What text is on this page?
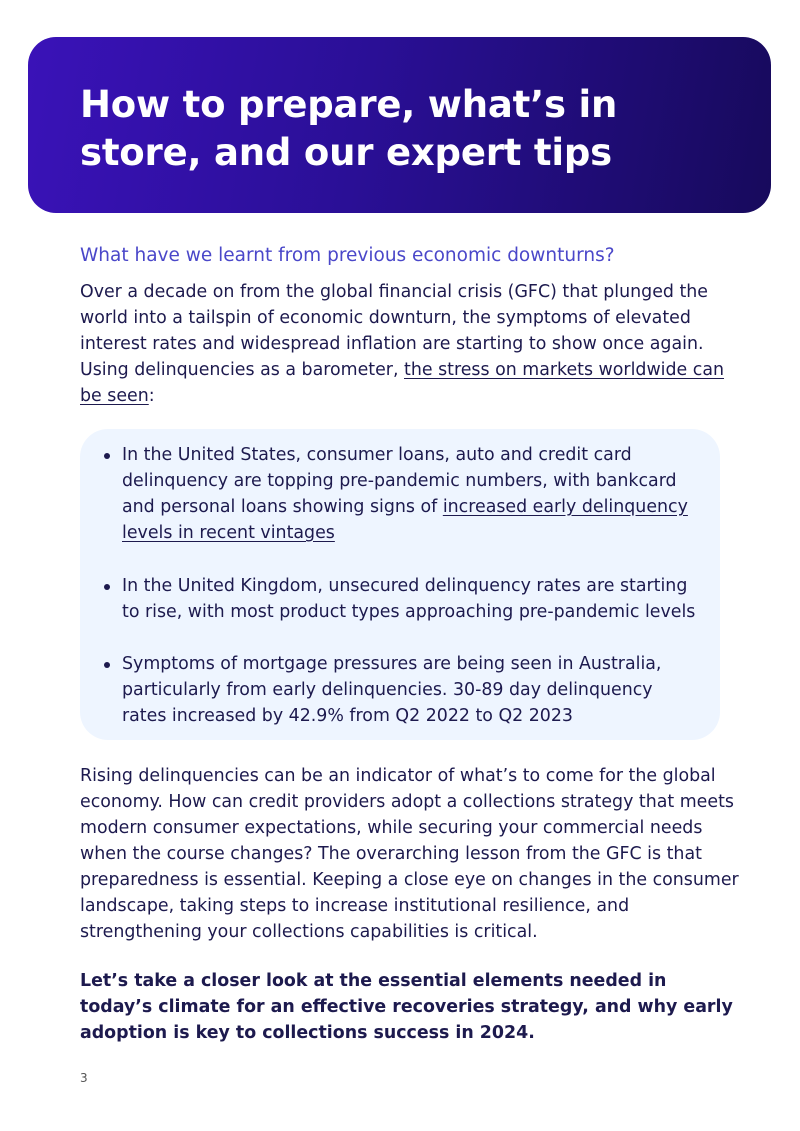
How to prepare, what’s in
store, and our expert tips
What have we learnt from previous economic downturns?

Over a decade on from the global financial crisis (GFC) that plunged the world into a tailspin of economic downturn, the symptoms of elevated interest rates and widespread inflation are starting to show once again. Using delinquencies as a barometer, the stress on markets worldwide can be seen:

In the United States, consumer loans, auto and credit card delinquency are topping pre-pandemic numbers, with bankcard and personal loans showing signs of increased early delinquency levels in recent vintages
In the United Kingdom, unsecured delinquency rates are starting to rise, with most product types approaching pre-pandemic levels
Symptoms of mortgage pressures are being seen in Australia, particularly from early delinquencies. 30-89 day delinquency rates increased by 42.9% from Q2 2022 to Q2 2023

Rising delinquencies can be an indicator of what’s to come for the global economy. How can credit providers adopt a collections strategy that meets modern consumer expectations, while securing your commercial needs when the course changes? The overarching lesson from the GFC is that preparedness is essential. Keeping a close eye on changes in the consumer landscape, taking steps to increase institutional resilience, and strengthening your collections capabilities is critical.

Let’s take a closer look at the essential elements needed in today’s climate for an effective recoveries strategy, and why early adoption is key to collections success in 2024.

3
